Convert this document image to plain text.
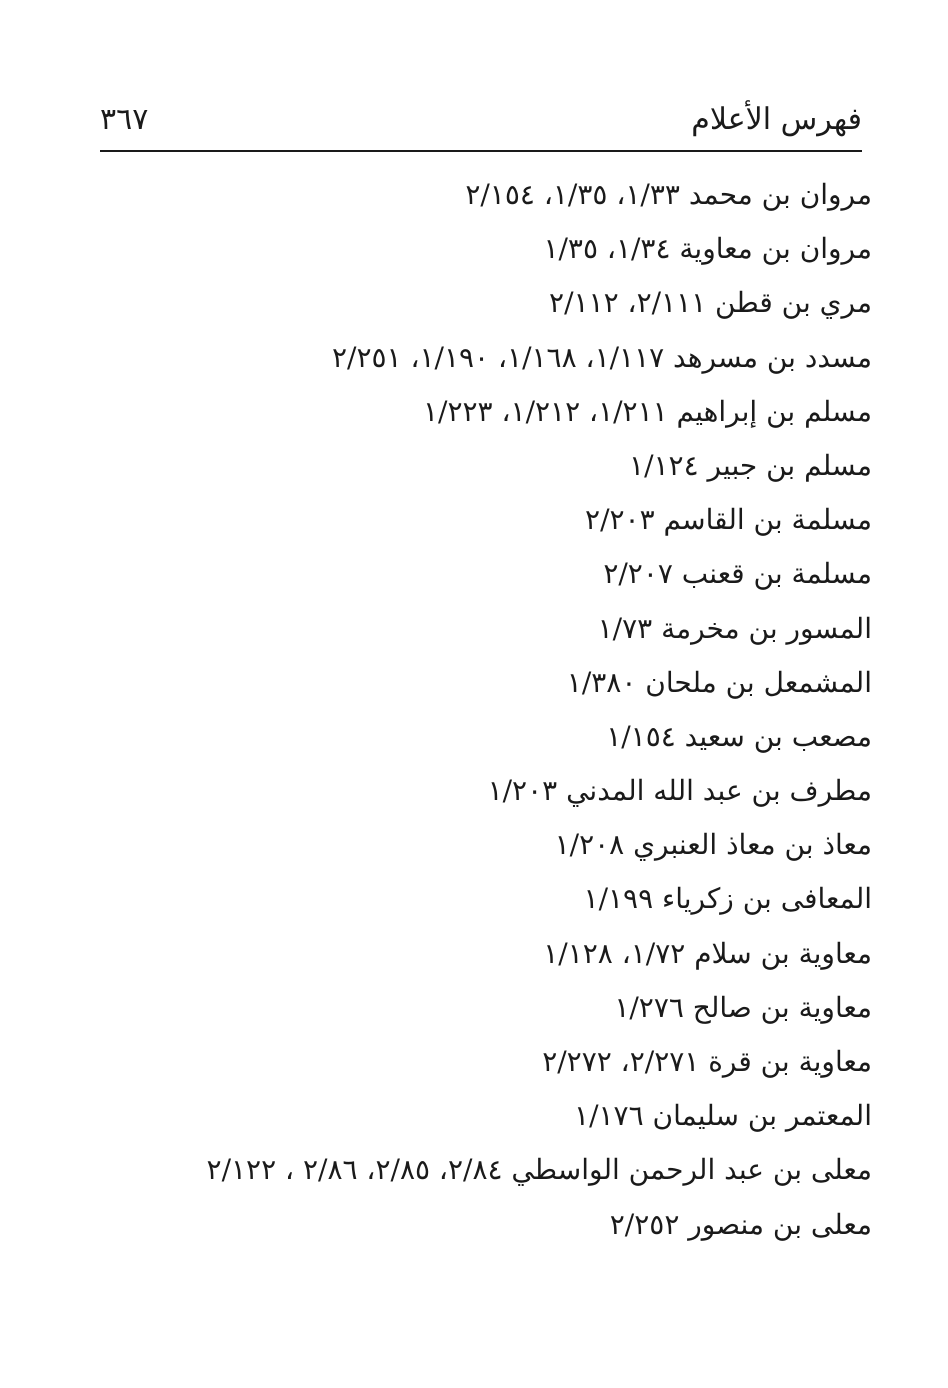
فهرس الأعلام
٣٦٧
مروان بن محمد ١/٣٣، ١/٣٥، ٢/١٥٤
مروان بن معاوية ١/٣٤، ١/٣٥
مري بن قطن ٢/١١١، ٢/١١٢
مسدد بن مسرهد ١/١١٧، ١/١٦٨، ١/١٩٠، ٢/٢٥١
مسلم بن إبراهيم ١/٢١١، ١/٢١٢، ١/٢٢٣
مسلم بن جبير ١/١٢٤
مسلمة بن القاسم ٢/٢٠٣
مسلمة بن قعنب ٢/٢٠٧
المسور بن مخرمة ١/٧٣
المشمعل بن ملحان ١/٣٨٠
مصعب بن سعيد ١/١٥٤
مطرف بن عبد الله المدني ١/٢٠٣
معاذ بن معاذ العنبري ١/٢٠٨
المعافى بن زكرياء ١/١٩٩
معاوية بن سلام ١/٧٢، ١/١٢٨
معاوية بن صالح ١/٢٧٦
معاوية بن قرة ٢/٢٧١، ٢/٢٧٢
المعتمر بن سليمان ١/١٧٦
معلى بن عبد الرحمن الواسطي ٢/٨٤، ٢/٨٥، ٢/٨٦ ، ٢/١٢٢
معلى بن منصور ٢/٢٥٢
